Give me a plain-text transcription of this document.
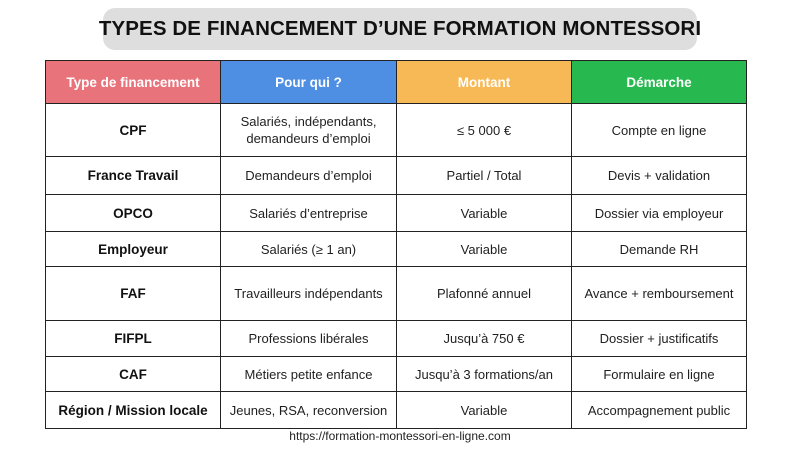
TYPES DE FINANCEMENT D’UNE FORMATION MONTESSORI
Type de financement	Pour qui ?	Montant	Démarche
CPF	Salariés, indépendants, demandeurs d’emploi	≤ 5 000 €	Compte en ligne
France Travail	Demandeurs d’emploi	Partiel / Total	Devis + validation
OPCO	Salariés d’entreprise	Variable	Dossier via employeur
Employeur	Salariés (≥ 1 an)	Variable	Demande RH
FAF	Travailleurs indépendants	Plafonné annuel	Avance + remboursement
FIFPL	Professions libérales	Jusqu’à 750 €	Dossier + justificatifs
CAF	Métiers petite enfance	Jusqu’à 3 formations/an	Formulaire en ligne
Région / Mission locale	Jeunes, RSA, reconversion	Variable	Accompagnement public
https://formation-montessori-en-ligne.com
